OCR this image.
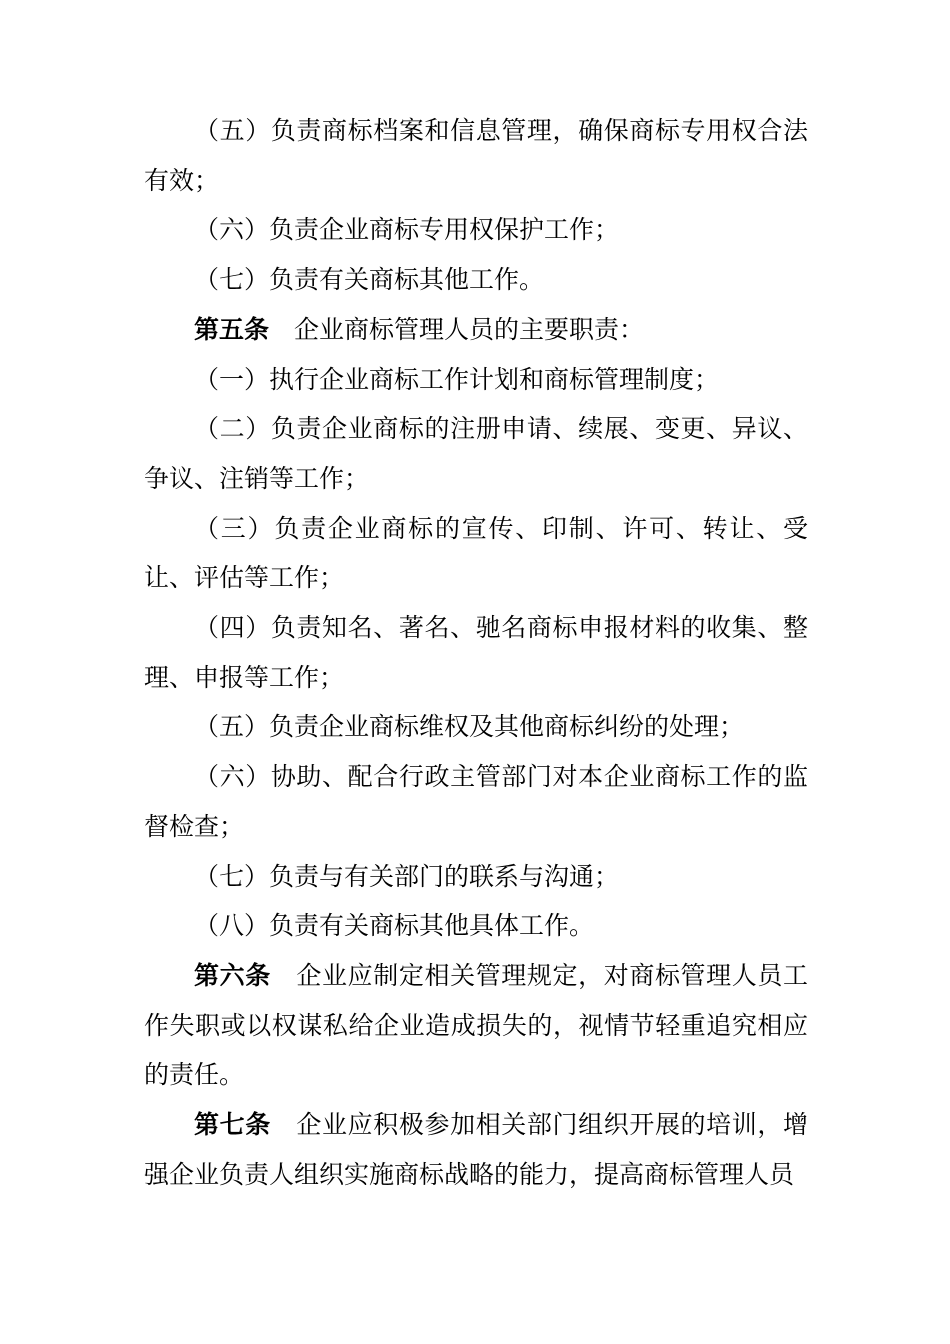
（五）负责商标档案和信息管理，确保商标专用权合法有效；

（六）负责企业商标专用权保护工作；

（七）负责有关商标其他工作。

第五条 企业商标管理人员的主要职责：

（一）执行企业商标工作计划和商标管理制度；

（二）负责企业商标的注册申请、续展、变更、异议、争议、注销等工作；

（三）负责企业商标的宣传、印制、许可、转让、受让、评估等工作；

（四）负责知名、著名、驰名商标申报材料的收集、整理、申报等工作；

（五）负责企业商标维权及其他商标纠纷的处理；

（六）协助、配合行政主管部门对本企业商标工作的监督检查；

（七）负责与有关部门的联系与沟通；

（八）负责有关商标其他具体工作。

第六条 企业应制定相关管理规定，对商标管理人员工作失职或以权谋私给企业造成损失的，视情节轻重追究相应的责任。

第七条 企业应积极参加相关部门组织开展的培训，增强企业负责人组织实施商标战略的能力，提高商标管理人员
